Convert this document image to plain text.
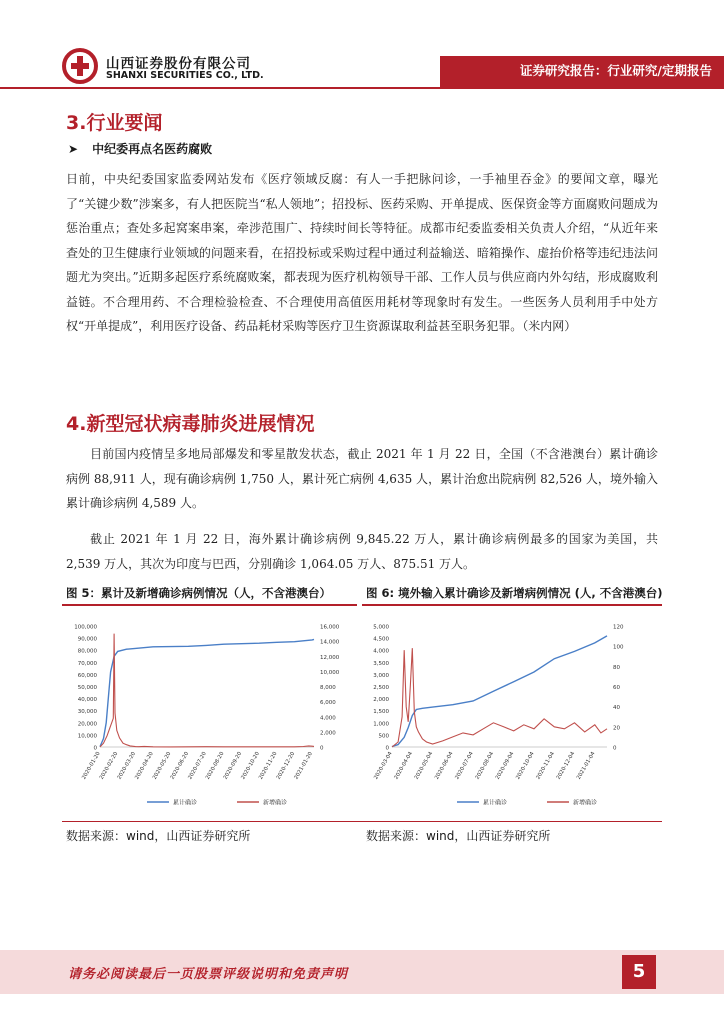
证券研究报告：行业研究/定期报告
山西证券股份有限公司
SHANXI SECURITIES CO., LTD.
3.行业要闻
➤ 中纪委再点名医药腐败
日前，中央纪委国家监委网站发布《医疗领域反腐：有人一手把脉问诊，一手袖里吞金》的要闻文章，曝光了“关键少数”涉案多，有人把医院当“私人领地”；招投标、医药采购、开单提成、医保资金等方面腐败问题成为惩治重点；查处多起窝案串案，牵涉范围广、持续时间长等特征。成都市纪委监委相关负责人介绍，“从近年来查处的卫生健康行业领域的问题来看，在招投标或采购过程中通过利益输送、暗箱操作、虚抬价格等违纪违法问题尤为突出。”近期多起医疗系统腐败案，都表现为医疗机构领导干部、工作人员与供应商内外勾结，形成腐败利益链。不合理用药、不合理检验检查、不合理使用高值医用耗材等现象时有发生。一些医务人员利用手中处方权“开单提成”，利用医疗设备、药品耗材采购等医疗卫生资源谋取利益甚至职务犯罪。（米内网）
4.新型冠状病毒肺炎进展情况
目前国内疫情呈多地局部爆发和零星散发状态，截止 2021 年 1 月 22 日，全国（不含港澳台）累计确诊病例 88,911 人，现有确诊病例 1,750 人，累计死亡病例 4,635 人，累计治愈出院病例 82,526 人，境外输入累计确诊病例 4,589 人。
截止 2021 年 1 月 22 日，海外累计确诊病例 9,845.22 万人，累计确诊病例最多的国家为美国，共 2,539 万人，其次为印度与巴西，分别确诊 1,064.05 万人、875.51 万人。
图 5：累计及新增确诊病例情况（人，不含港澳台）	图 6: 境外输入累计确诊及新增病例情况 (人, 不含港澳台)
100,000
90,000
80,000
70,000
60,000
50,000
40,000
30,000
20,000
10,000
0
16,000
14,000
12,000
10,000
8,000
6,000
4,000
2,000
0
2020-01-20
2020-02-20
2020-03-20
2020-04-20
2020-05-20
2020-06-20
2020-07-20
2020-08-20
2020-09-20
2020-10-20
2020-11-20
2020-12-20
2021-01-20
累计确诊	新增确诊
5,000
4,500
4,000
3,500
3,000
2,500
2,000
1,500
1,000
500
0
120
100
80
60
40
20
0
2020-03-04 2020-04-04 2020-05-04 2020-06-04 2020-07-04 2020-08-04 2020-09-04 2020-10-04 2020-11-04 2020-12-04 2021-01-04
累计确诊	新增确诊
数据来源：wind，山西证券研究所	数据来源：wind，山西证券研究所
请务必阅读最后一页股票评级说明和免责声明	5
